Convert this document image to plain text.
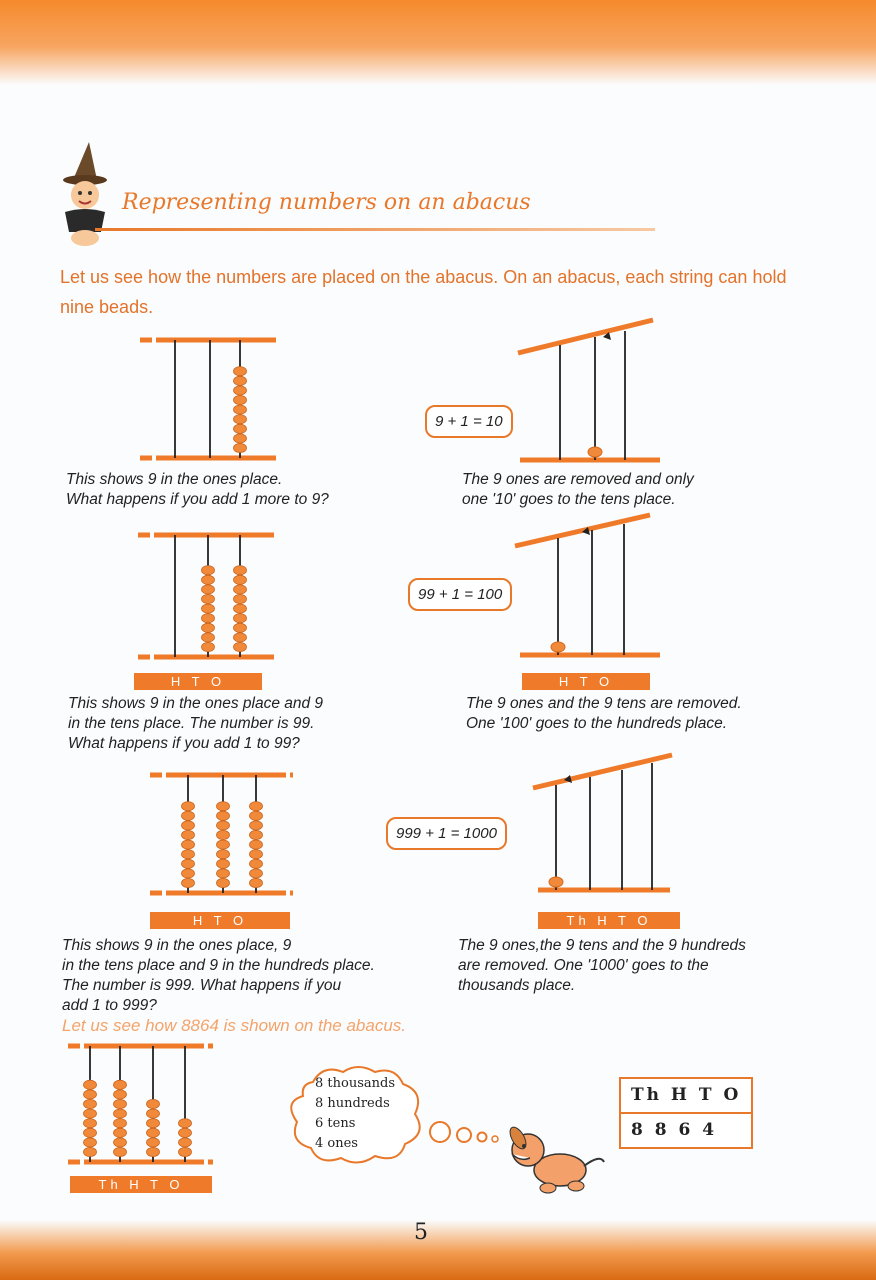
Representing numbers on an abacus
Let us see how the numbers are placed on the abacus. On an abacus, each string can hold nine beads.
9 + 1 = 10
This shows 9 in the ones place.
What happens if you add 1 more to 9?
The 9 ones are removed and only
one '10' goes to the tens place.
H T O
99 + 1 = 100
H T O
This shows 9 in the ones place and 9
in the tens place. The number is 99.
What happens if you add 1 to 99?
The 9 ones and the 9 tens are removed.
One '100' goes to the hundreds place.
H T O
999 + 1 = 1000
Th H T O
This shows 9 in the ones place, 9
in the tens place and 9 in the hundreds place.
The number is 999. What happens if you
add 1 to 999?
The 9 ones,the 9 tens and the 9 hundreds
are removed. One '1000' goes to the
thousands place.
Let us see how 8864 is shown on the abacus.
Th H T O
8 thousands
8 hundreds
6 tens
4 ones
Th H T O
8 8 6 4
5
